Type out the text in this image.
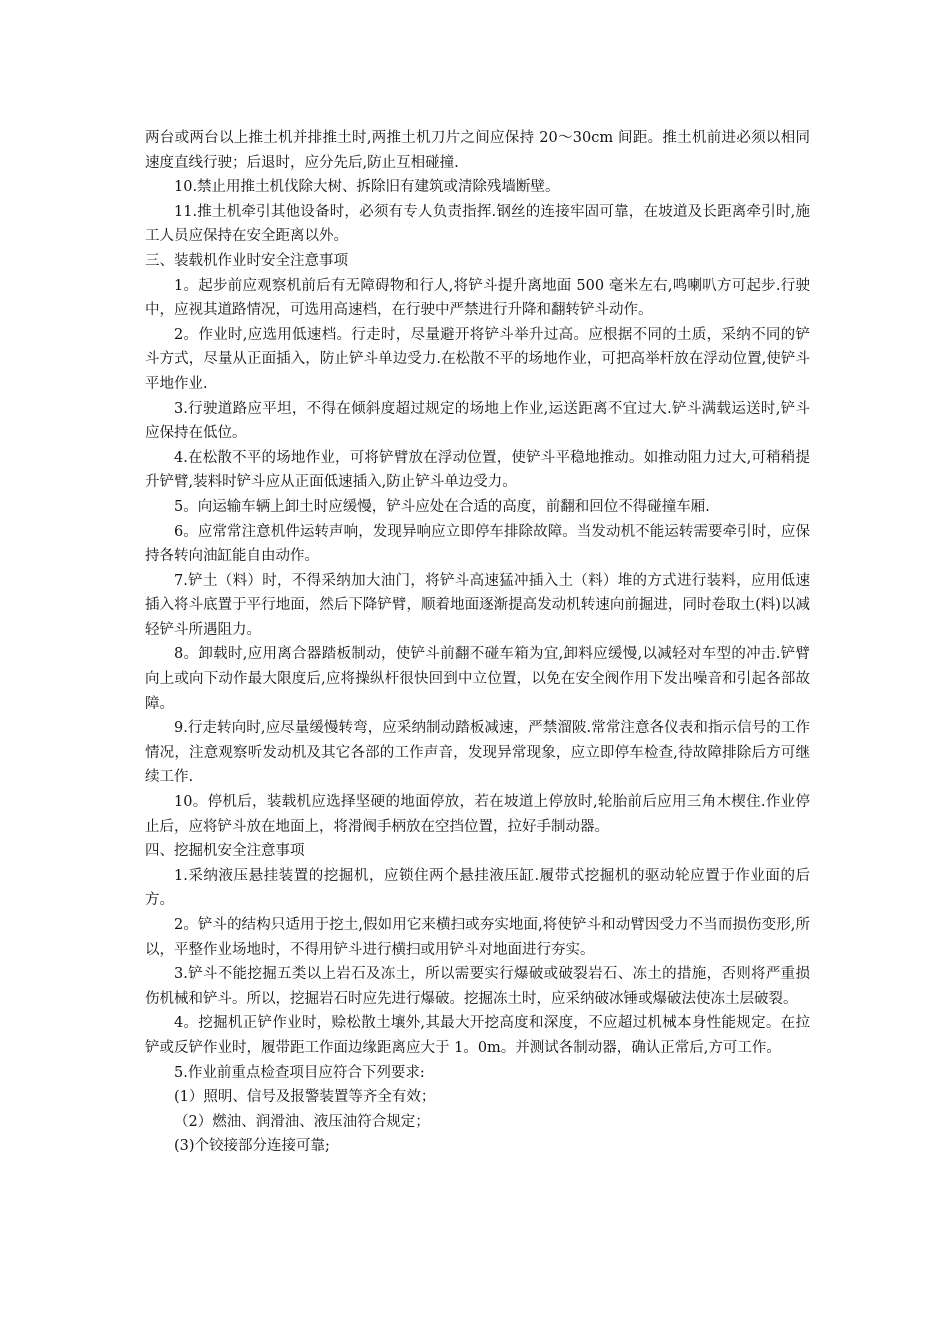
两台或两台以上推土机并排推土时,两推土机刀片之间应保持 20～30cm 间距。推土机前进必须以相同速度直线行驶；后退时，应分先后,防止互相碰撞.

10.禁止用推土机伐除大树、拆除旧有建筑或清除残墙断壁。

11.推土机牵引其他设备时，必须有专人负责指挥.钢丝的连接牢固可靠，在坡道及长距离牵引时,施工人员应保持在安全距离以外。

三、装载机作业时安全注意事项

1。起步前应观察机前后有无障碍物和行人,将铲斗提升离地面 500 毫米左右,鸣喇叭方可起步.行驶中，应视其道路情况，可选用高速档，在行驶中严禁进行升降和翻转铲斗动作。

2。作业时,应选用低速档。行走时，尽量避开将铲斗举升过高。应根据不同的土质，采纳不同的铲斗方式，尽量从正面插入，防止铲斗单边受力.在松散不平的场地作业，可把高举杆放在浮动位置,使铲斗平地作业.

3.行驶道路应平坦，不得在倾斜度超过规定的场地上作业,运送距离不宜过大.铲斗满载运送时,铲斗应保持在低位。

4.在松散不平的场地作业，可将铲臂放在浮动位置，使铲斗平稳地推动。如推动阻力过大,可稍稍提升铲臂,装料时铲斗应从正面低速插入,防止铲斗单边受力。

5。向运输车辆上卸土时应缓慢，铲斗应处在合适的高度，前翻和回位不得碰撞车厢.

6。应常常注意机件运转声响，发现异响应立即停车排除故障。当发动机不能运转需要牵引时，应保持各转向油缸能自由动作。

7.铲土（料）时，不得采纳加大油门，将铲斗高速猛冲插入土（料）堆的方式进行装料，应用低速插入将斗底置于平行地面，然后下降铲臂，顺着地面逐渐提高发动机转速向前掘进，同时卷取土(料)以减轻铲斗所遇阻力。

8。卸载时,应用离合器踏板制动，使铲斗前翻不碰车箱为宜,卸料应缓慢,以减轻对车型的冲击.铲臂向上或向下动作最大限度后,应将操纵杆很快回到中立位置，以免在安全阀作用下发出噪音和引起各部故障。

9.行走转向时,应尽量缓慢转弯，应采纳制动踏板减速，严禁溜陂.常常注意各仪表和指示信号的工作情况，注意观察听发动机及其它各部的工作声音，发现异常现象，应立即停车检查,待故障排除后方可继续工作.

10。停机后，装载机应选择坚硬的地面停放，若在坡道上停放时,轮胎前后应用三角木楔住.作业停止后，应将铲斗放在地面上，将滑阀手柄放在空挡位置，拉好手制动器。

四、挖掘机安全注意事项

1.采纳液压悬挂装置的挖掘机，应锁住两个悬挂液压缸.履带式挖掘机的驱动轮应置于作业面的后方。

2。铲斗的结构只适用于挖土,假如用它来横扫或夯实地面,将使铲斗和动臂因受力不当而损伤变形,所以，平整作业场地时，不得用铲斗进行横扫或用铲斗对地面进行夯实。

3.铲斗不能挖掘五类以上岩石及冻土，所以需要实行爆破或破裂岩石、冻土的措施，否则将严重损伤机械和铲斗。所以，挖掘岩石时应先进行爆破。挖掘冻土时，应采纳破冰锤或爆破法使冻土层破裂。

4。挖掘机正铲作业时，赊松散土壤外,其最大开挖高度和深度，不应超过机械本身性能规定。在拉铲或反铲作业时，履带距工作面边缘距离应大于 1。0m。并测试各制动器，确认正常后,方可工作。

5.作业前重点检查项目应符合下列要求:

(1）照明、信号及报警装置等齐全有效；

（2）燃油、润滑油、液压油符合规定；

(3)个铰接部分连接可靠;
